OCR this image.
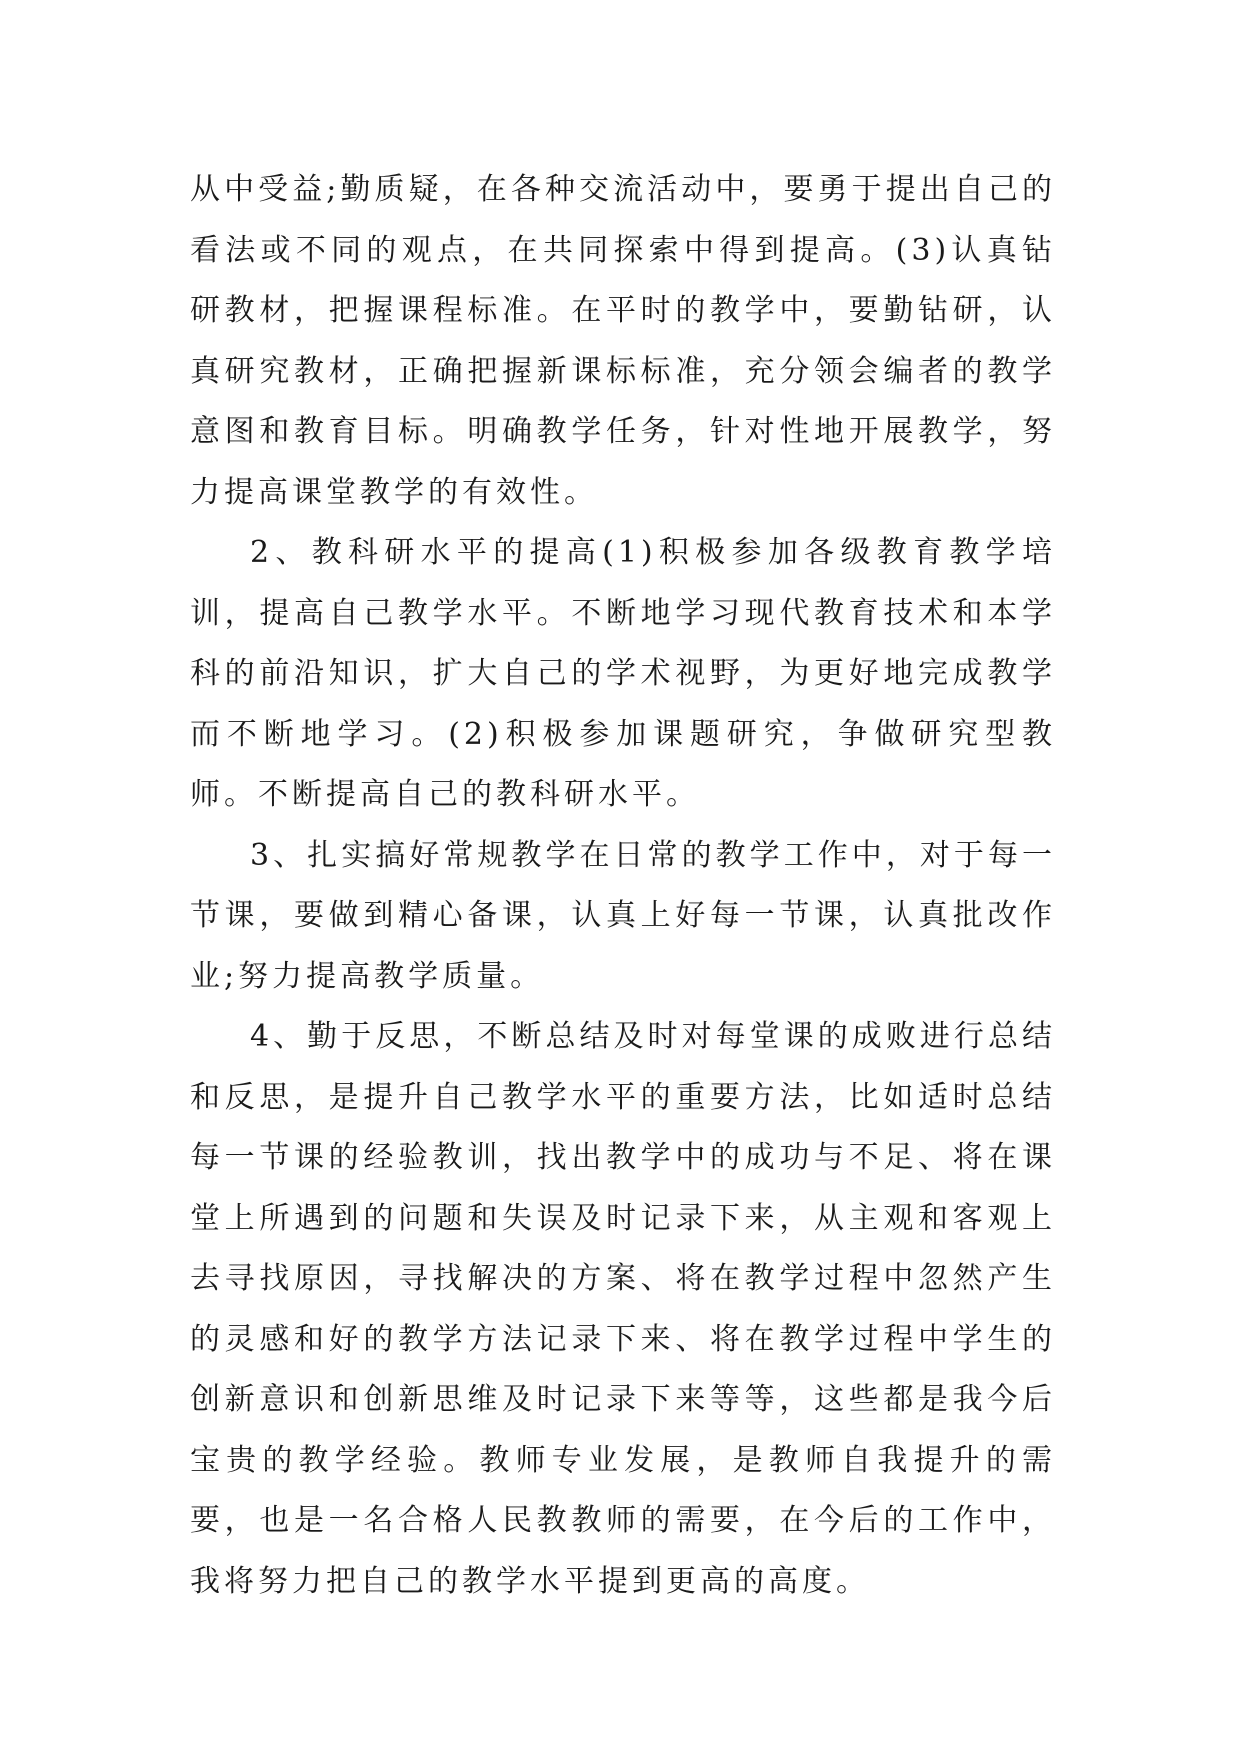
从中受益;勤质疑，在各种交流活动中，要勇于提出自己的看法或不同的观点，在共同探索中得到提高。(3)认真钻研教材，把握课程标准。在平时的教学中，要勤钻研，认真研究教材，正确把握新课标标准，充分领会编者的教学意图和教育目标。明确教学任务，针对性地开展教学，努力提高课堂教学的有效性。

2、教科研水平的提高(1)积极参加各级教育教学培训，提高自己教学水平。不断地学习现代教育技术和本学科的前沿知识，扩大自己的学术视野，为更好地完成教学而不断地学习。(2)积极参加课题研究，争做研究型教师。不断提高自己的教科研水平。

3、扎实搞好常规教学在日常的教学工作中，对于每一节课，要做到精心备课，认真上好每一节课，认真批改作业;努力提高教学质量。

4、勤于反思，不断总结及时对每堂课的成败进行总结和反思，是提升自己教学水平的重要方法，比如适时总结每一节课的经验教训，找出教学中的成功与不足、将在课堂上所遇到的问题和失误及时记录下来，从主观和客观上去寻找原因，寻找解决的方案、将在教学过程中忽然产生的灵感和好的教学方法记录下来、将在教学过程中学生的创新意识和创新思维及时记录下来等等，这些都是我今后宝贵的教学经验。教师专业发展，是教师自我提升的需要，也是一名合格人民教教师的需要，在今后的工作中，我将努力把自己的教学水平提到更高的高度。
